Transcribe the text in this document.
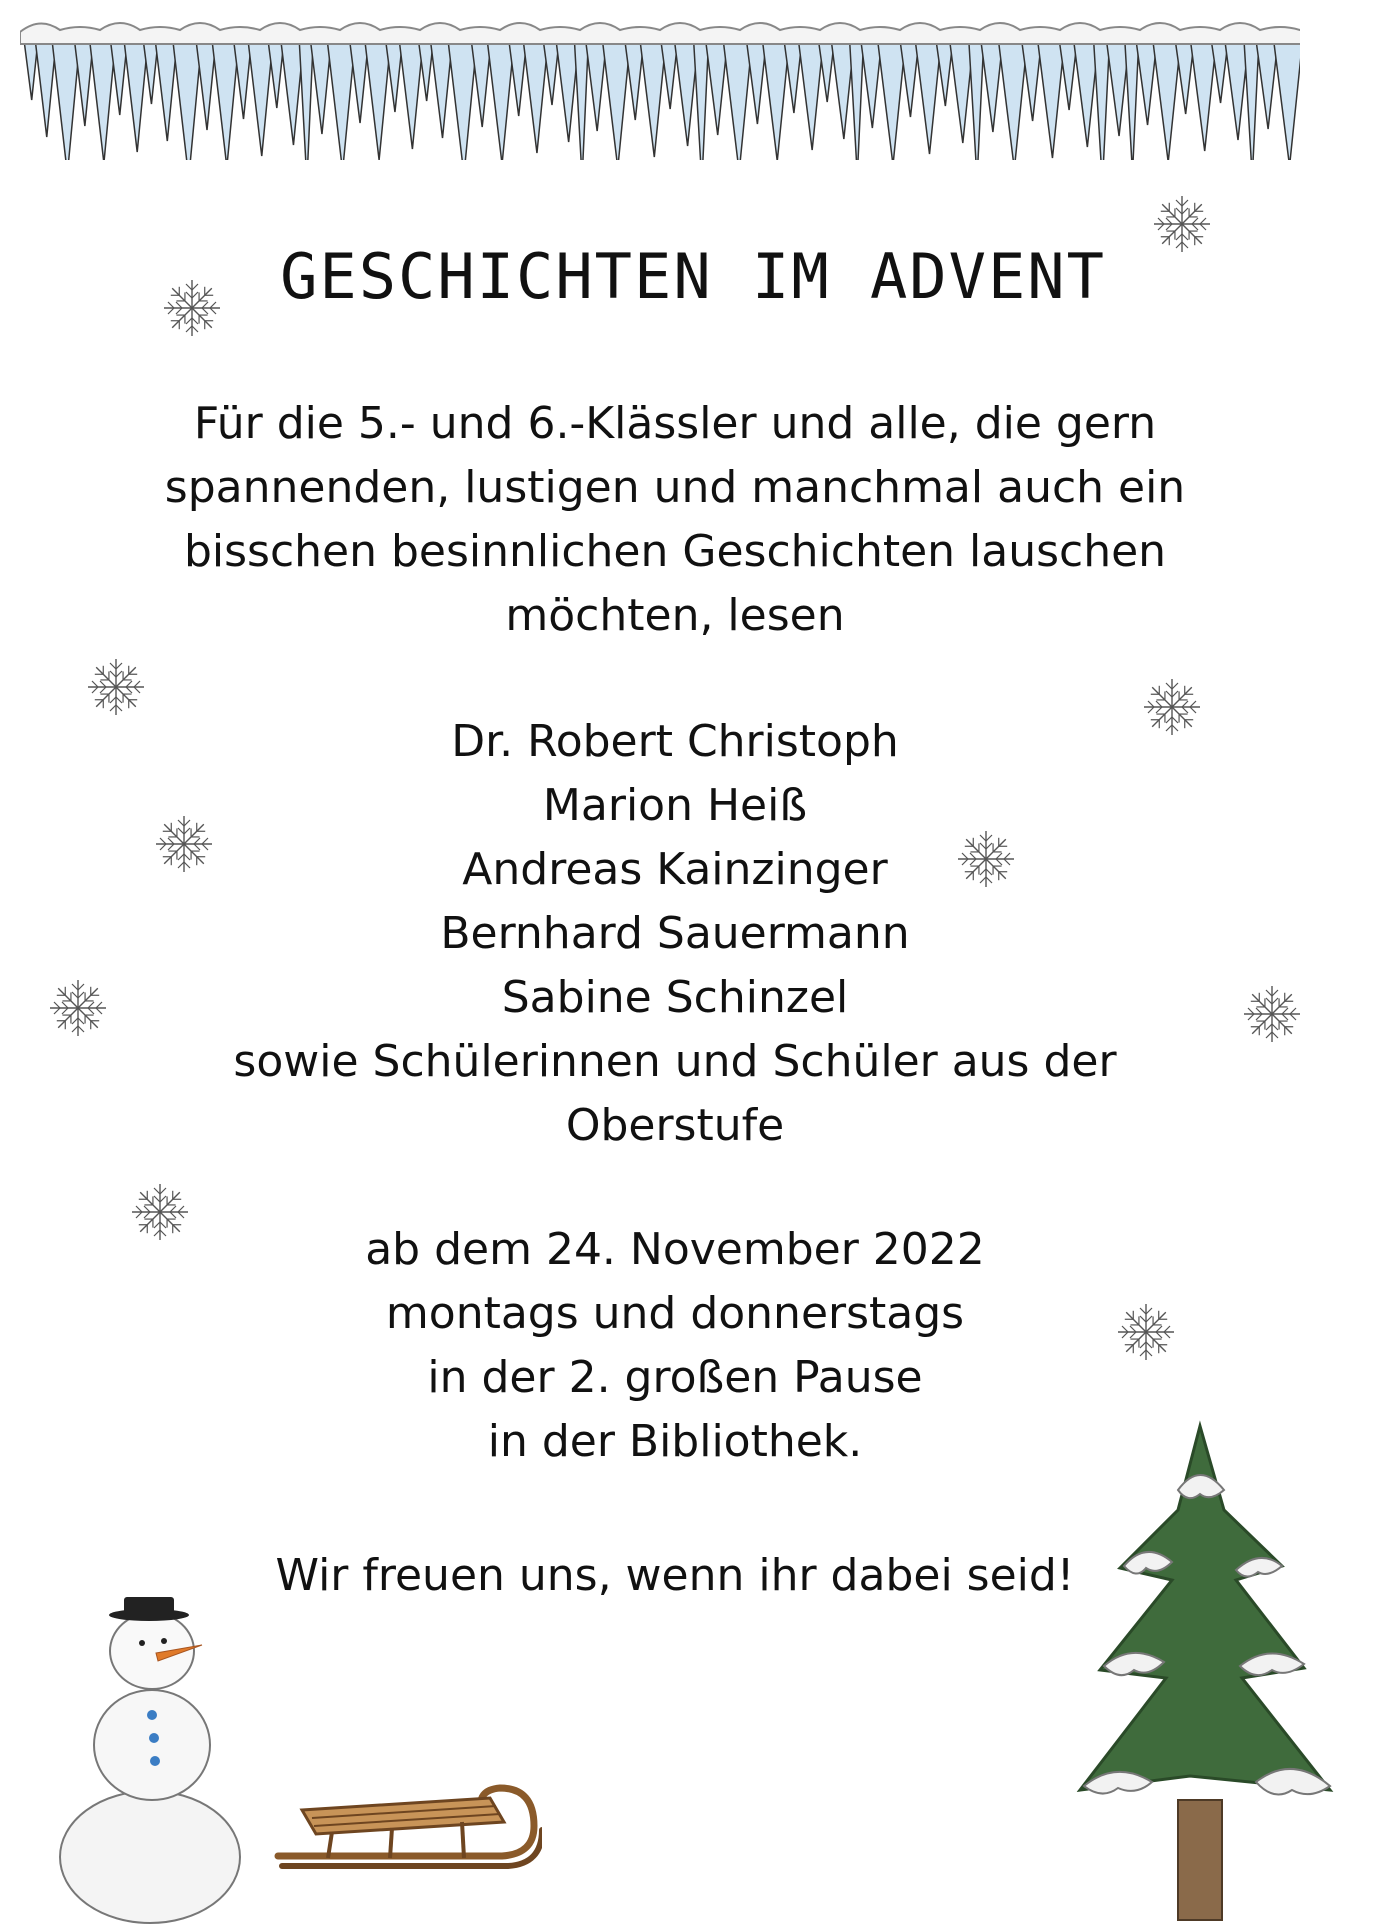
GESCHICHTEN IM ADVENT
Für die 5.- und 6.-Klässler und alle, die gern
spannenden, lustigen und manchmal auch ein
bisschen besinnlichen Geschichten lauschen
möchten, lesen
Dr. Robert Christoph
Marion Heiß
Andreas Kainzinger
Bernhard Sauermann
Sabine Schinzel
sowie Schülerinnen und Schüler aus der
Oberstufe
ab dem 24. November 2022
montags und donnerstags
in der 2. großen Pause
in der Bibliothek.
Wir freuen uns, wenn ihr dabei seid!
